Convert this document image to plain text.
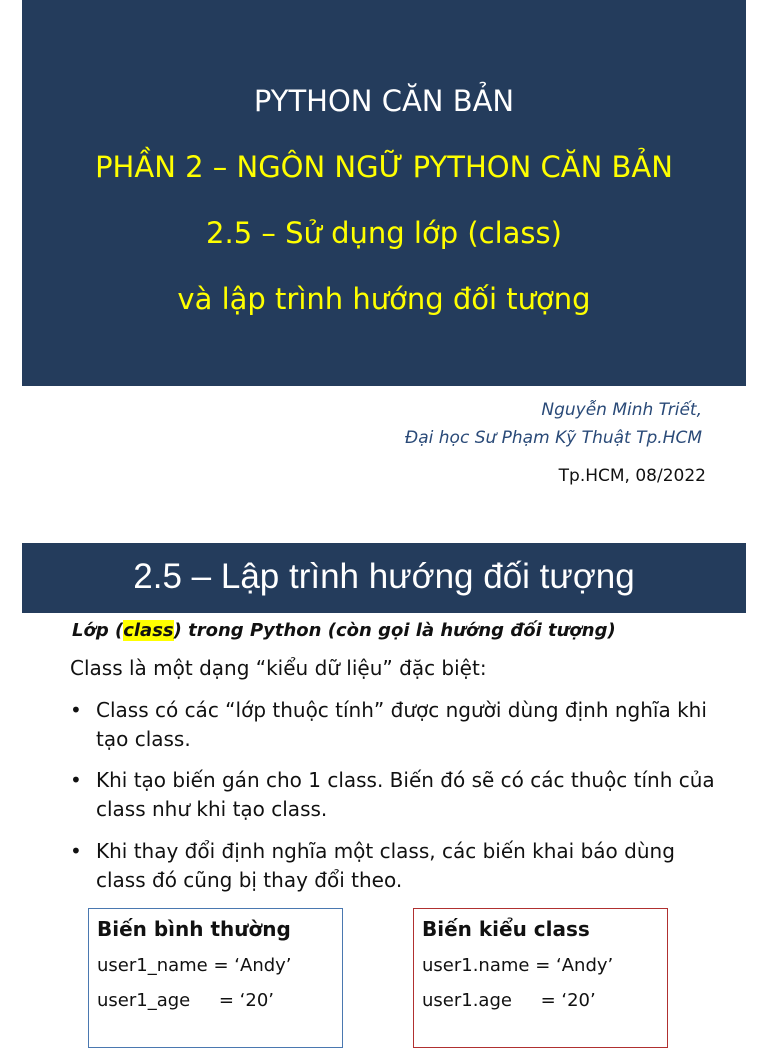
PYTHON CĂN BẢN
PHẦN 2 – NGÔN NGỮ PYTHON CĂN BẢN
2.5 – Sử dụng lớp (class)
và lập trình hướng đối tượng
Nguyễn Minh Triết,
Đại học Sư Phạm Kỹ Thuật Tp.HCM
Tp.HCM, 08/2022
2.5 – Lập trình hướng đối tượng
Lớp (class) trong Python (còn gọi là hướng đối tượng)
Class là một dạng “kiểu dữ liệu” đặc biệt:
• Class có các “lớp thuộc tính” được người dùng định nghĩa khi tạo class.
• Khi tạo biến gán cho 1 class. Biến đó sẽ có các thuộc tính của class như khi tạo class.
• Khi thay đổi định nghĩa một class, các biến khai báo dùng class đó cũng bị thay đổi theo.
Biến bình thường
user1_name = ‘Andy’
user1_age     = ‘20’
Biến kiểu class
user1.name = ‘Andy’
user1.age     = ‘20’
